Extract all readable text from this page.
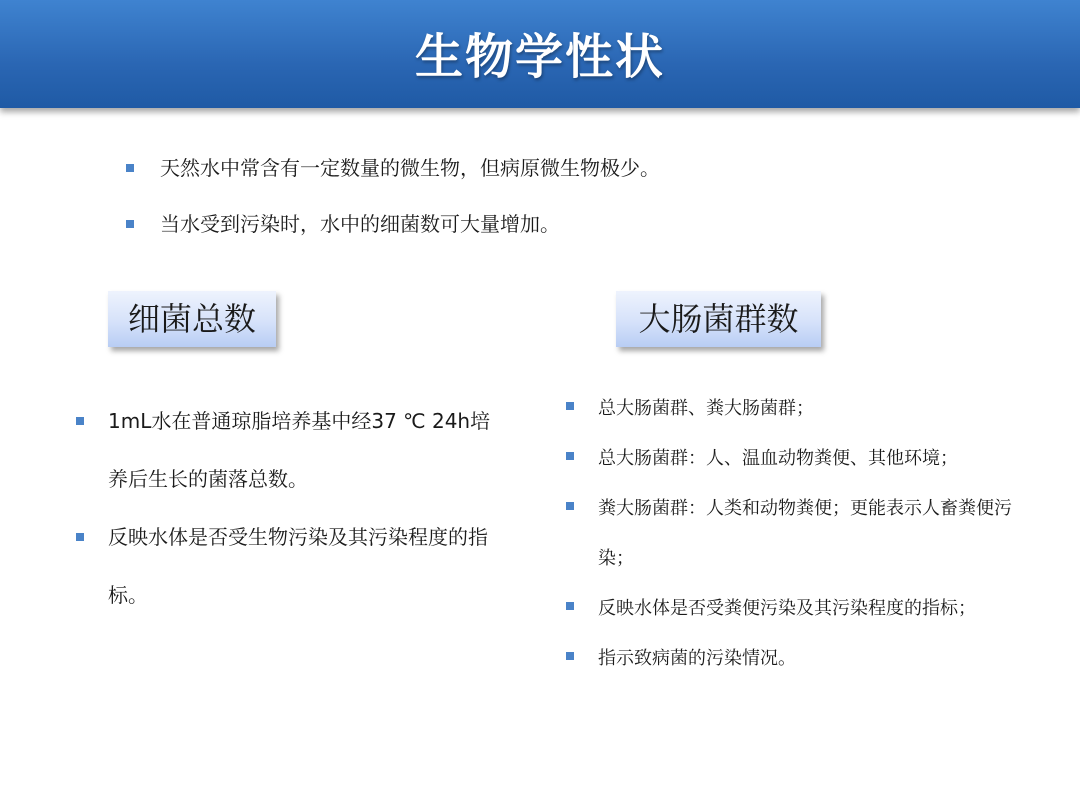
生物学性状
天然水中常含有一定数量的微生物，但病原微生物极少。
当水受到污染时，水中的细菌数可大量增加。
细菌总数	大肠菌群数
1mL水在普通琼脂培养基中经37 ℃ 24h培养后生长的菌落总数。
反映水体是否受生物污染及其污染程度的指标。
总大肠菌群、粪大肠菌群；
总大肠菌群：人、温血动物粪便、其他环境；
粪大肠菌群：人类和动物粪便；更能表示人畜粪便污染；
反映水体是否受粪便污染及其污染程度的指标；
指示致病菌的污染情况。
